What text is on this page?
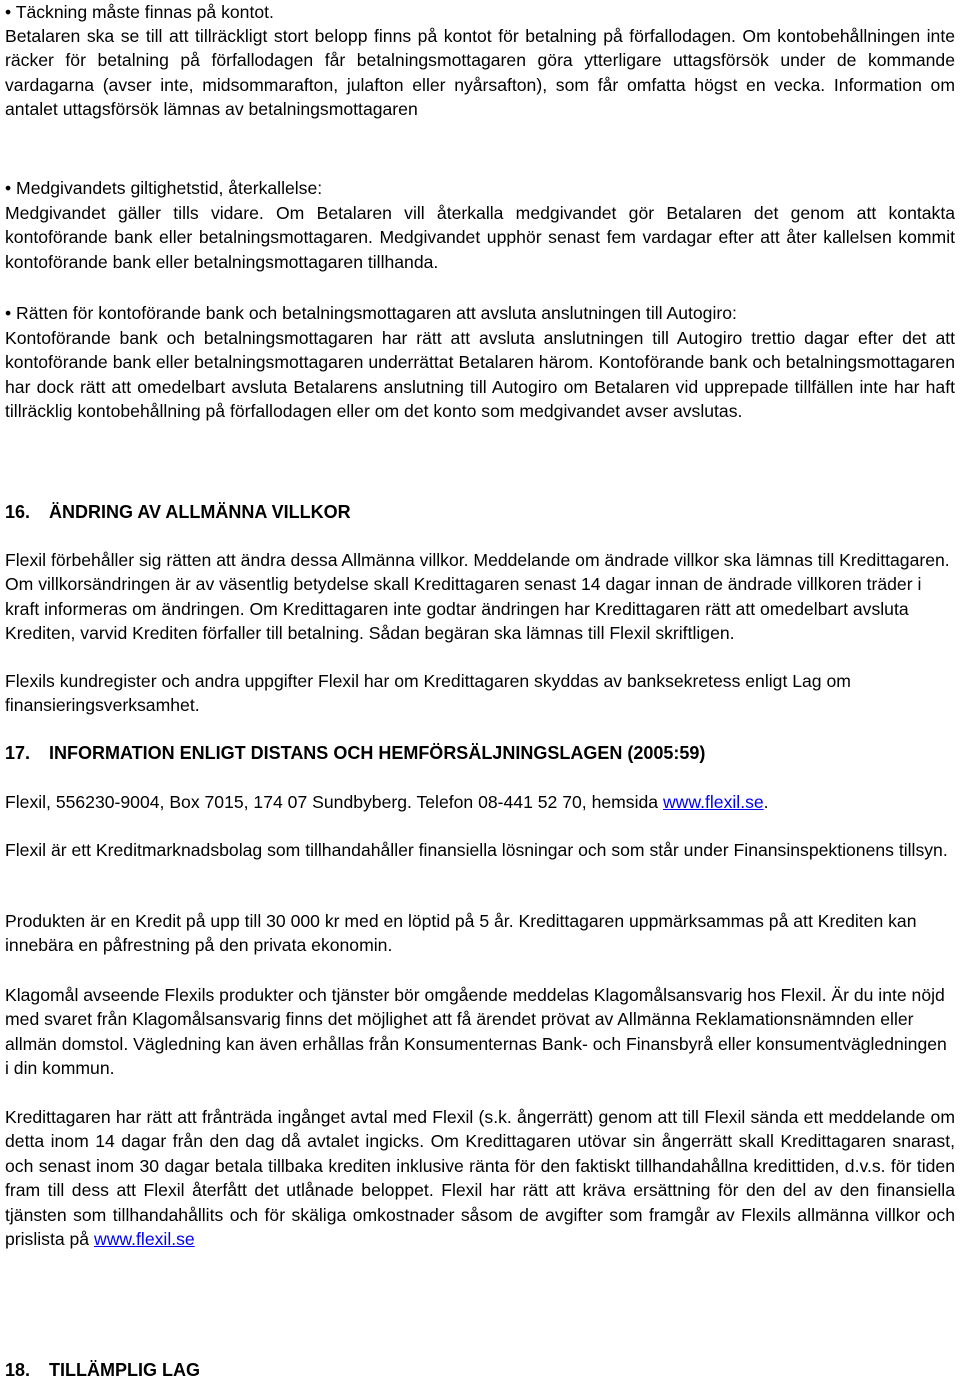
• Täckning måste finnas på kontot.

Betalaren ska se till att tillräckligt stort belopp finns på kontot för betalning på förfallodagen. Om kontobehållningen inte räcker för betalning på förfallodagen får betalningsmottagaren göra ytterligare uttagsförsök under de kommande vardagarna (avser inte, midsommarafton, julafton eller nyårsafton), som får omfatta högst en vecka. Information om antalet uttagsförsök lämnas av betalningsmottagaren

• Medgivandets giltighetstid, återkallelse:

Medgivandet gäller tills vidare. Om Betalaren vill återkalla medgivandet gör Betalaren det genom att kontakta kontoförande bank eller betalningsmottagaren. Medgivandet upphör senast fem vardagar efter att åter kallelsen kommit kontoförande bank eller betalningsmottagaren tillhanda.

• Rätten för kontoförande bank och betalningsmottagaren att avsluta anslutningen till Autogiro:

Kontoförande bank och betalningsmottagaren har rätt att avsluta anslutningen till Autogiro trettio dagar efter det att kontoförande bank eller betalningsmottagaren underrättat Betalaren härom. Kontoförande bank och betalningsmottagaren har dock rätt att omedelbart avsluta Betalarens anslutning till Autogiro om Betalaren vid upprepade tillfällen inte har haft tillräcklig kontobehållning på förfallodagen eller om det konto som medgivandet avser avslutas.

16. ÄNDRING AV ALLMÄNNA VILLKOR

Flexil förbehåller sig rätten att ändra dessa Allmänna villkor. Meddelande om ändrade villkor ska lämnas till Kredittagaren. Om villkorsändringen är av väsentlig betydelse skall Kredittagaren senast 14 dagar innan de ändrade villkoren träder i kraft informeras om ändringen. Om Kredittagaren inte godtar ändringen har Kredittagaren rätt att omedelbart avsluta Krediten, varvid Krediten förfaller till betalning. Sådan begäran ska lämnas till Flexil skriftligen.

Flexils kundregister och andra uppgifter Flexil har om Kredittagaren skyddas av banksekretess enligt Lag om finansieringsverksamhet.

17. INFORMATION ENLIGT DISTANS OCH HEMFÖRSÄLJNINGSLAGEN (2005:59)

Flexil, 556230-9004, Box 7015, 174 07 Sundbyberg. Telefon 08-441 52 70, hemsida www.flexil.se.

Flexil är ett Kreditmarknadsbolag som tillhandahåller finansiella lösningar och som står under Finansinspektionens tillsyn.

Produkten är en Kredit på upp till 30 000 kr med en löptid på 5 år. Kredittagaren uppmärksammas på att Krediten kan innebära en påfrestning på den privata ekonomin.

Klagomål avseende Flexils produkter och tjänster bör omgående meddelas Klagomålsansvarig hos Flexil. Är du inte nöjd med svaret från Klagomålsansvarig finns det möjlighet att få ärendet prövat av Allmänna Reklamationsnämnden eller allmän domstol. Vägledning kan även erhållas från Konsumenternas Bank- och Finansbyrå eller konsumentvägledningen i din kommun.

Kredittagaren har rätt att frånträda ingånget avtal med Flexil (s.k. ångerrätt) genom att till Flexil sända ett meddelande om detta inom 14 dagar från den dag då avtalet ingicks. Om Kredittagaren utövar sin ångerrätt skall Kredittagaren snarast, och senast inom 30 dagar betala tillbaka krediten inklusive ränta för den faktiskt tillhandahållna kredittiden, d.v.s. för tiden fram till dess att Flexil återfått det utlånade beloppet. Flexil har rätt att kräva ersättning för den del av den finansiella tjänsten som tillhandahållits och för skäliga omkostnader såsom de avgifter som framgår av Flexils allmänna villkor och prislista på www.flexil.se

18. TILLÄMPLIG LAG
